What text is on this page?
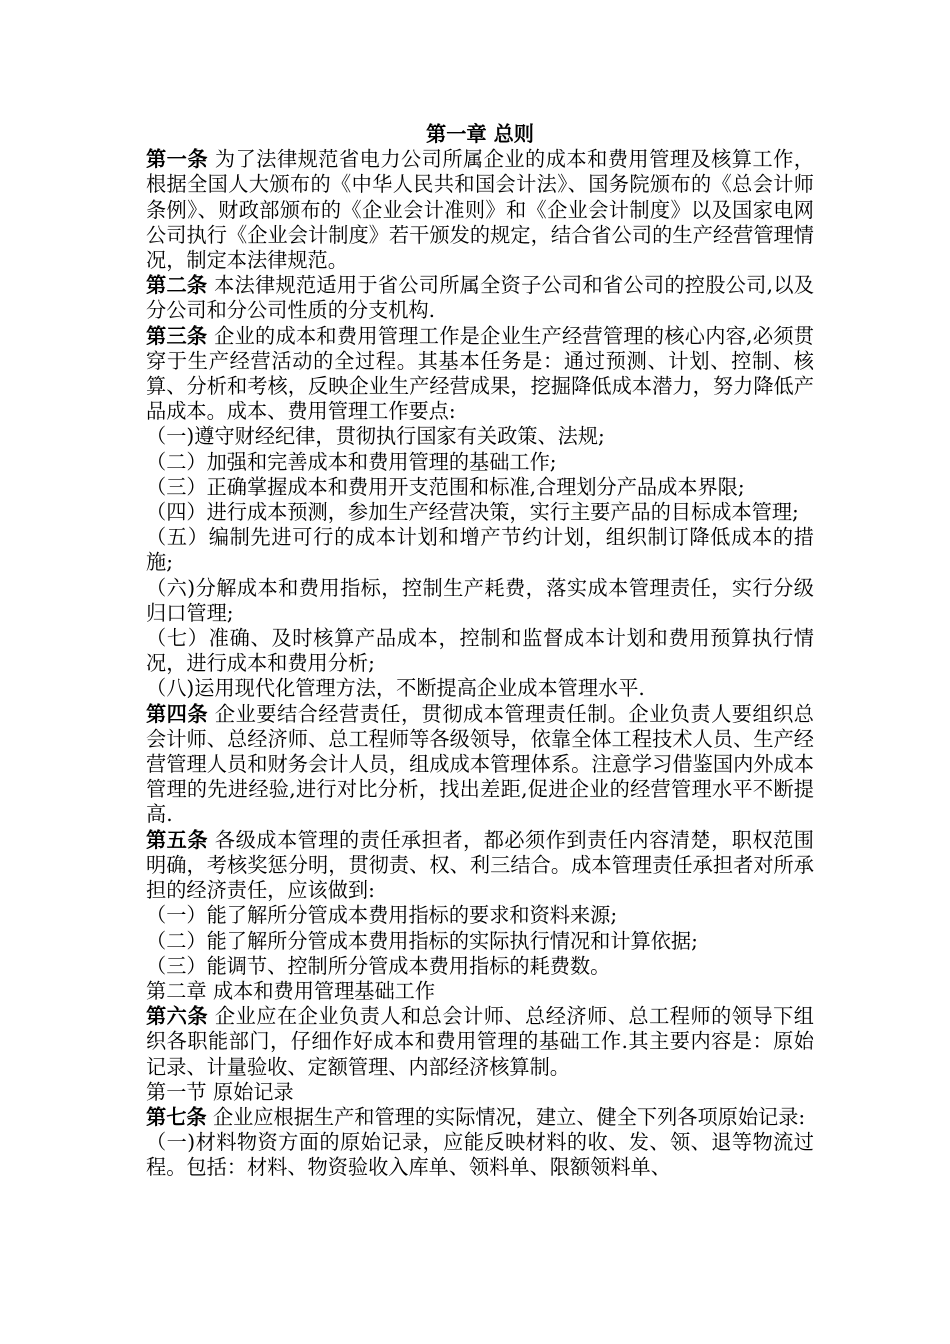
第一章 总则

第一条 为了法律规范省电力公司所属企业的成本和费用管理及核算工作，根据全国人大颁布的《中华人民共和国会计法》、国务院颁布的《总会计师条例》、财政部颁布的《企业会计准则》和《企业会计制度》以及国家电网公司执行《企业会计制度》若干颁发的规定，结合省公司的生产经营管理情况，制定本法律规范。

第二条 本法律规范适用于省公司所属全资子公司和省公司的控股公司,以及分公司和分公司性质的分支机构.

第三条 企业的成本和费用管理工作是企业生产经营管理的核心内容,必须贯穿于生产经营活动的全过程。其基本任务是：通过预测、计划、控制、核算、分析和考核，反映企业生产经营成果，挖掘降低成本潜力，努力降低产品成本。成本、费用管理工作要点:

（一)遵守财经纪律，贯彻执行国家有关政策、法规;

（二）加强和完善成本和费用管理的基础工作;

（三）正确掌握成本和费用开支范围和标准,合理划分产品成本界限;

（四）进行成本预测，参加生产经营决策，实行主要产品的目标成本管理;

（五）编制先进可行的成本计划和增产节约计划，组织制订降低成本的措施;

（六)分解成本和费用指标，控制生产耗费，落实成本管理责任，实行分级归口管理;

（七）准确、及时核算产品成本，控制和监督成本计划和费用预算执行情况，进行成本和费用分析;

（八)运用现代化管理方法，不断提高企业成本管理水平.

第四条 企业要结合经营责任，贯彻成本管理责任制。企业负责人要组织总会计师、总经济师、总工程师等各级领导，依靠全体工程技术人员、生产经营管理人员和财务会计人员，组成成本管理体系。注意学习借鉴国内外成本管理的先进经验,进行对比分析，找出差距,促进企业的经营管理水平不断提高.

第五条 各级成本管理的责任承担者，都必须作到责任内容清楚，职权范围明确，考核奖惩分明，贯彻责、权、利三结合。成本管理责任承担者对所承担的经济责任，应该做到:

（一）能了解所分管成本费用指标的要求和资料来源;

（二）能了解所分管成本费用指标的实际执行情况和计算依据;

（三）能调节、控制所分管成本费用指标的耗费数。

第二章 成本和费用管理基础工作

第六条 企业应在企业负责人和总会计师、总经济师、总工程师的领导下组织各职能部门，仔细作好成本和费用管理的基础工作.其主要内容是：原始记录、计量验收、定额管理、内部经济核算制。

第一节 原始记录

第七条 企业应根据生产和管理的实际情况，建立、健全下列各项原始记录:

（一)材料物资方面的原始记录，应能反映材料的收、发、领、退等物流过程。包括：材料、物资验收入库单、领料单、限额领料单、
